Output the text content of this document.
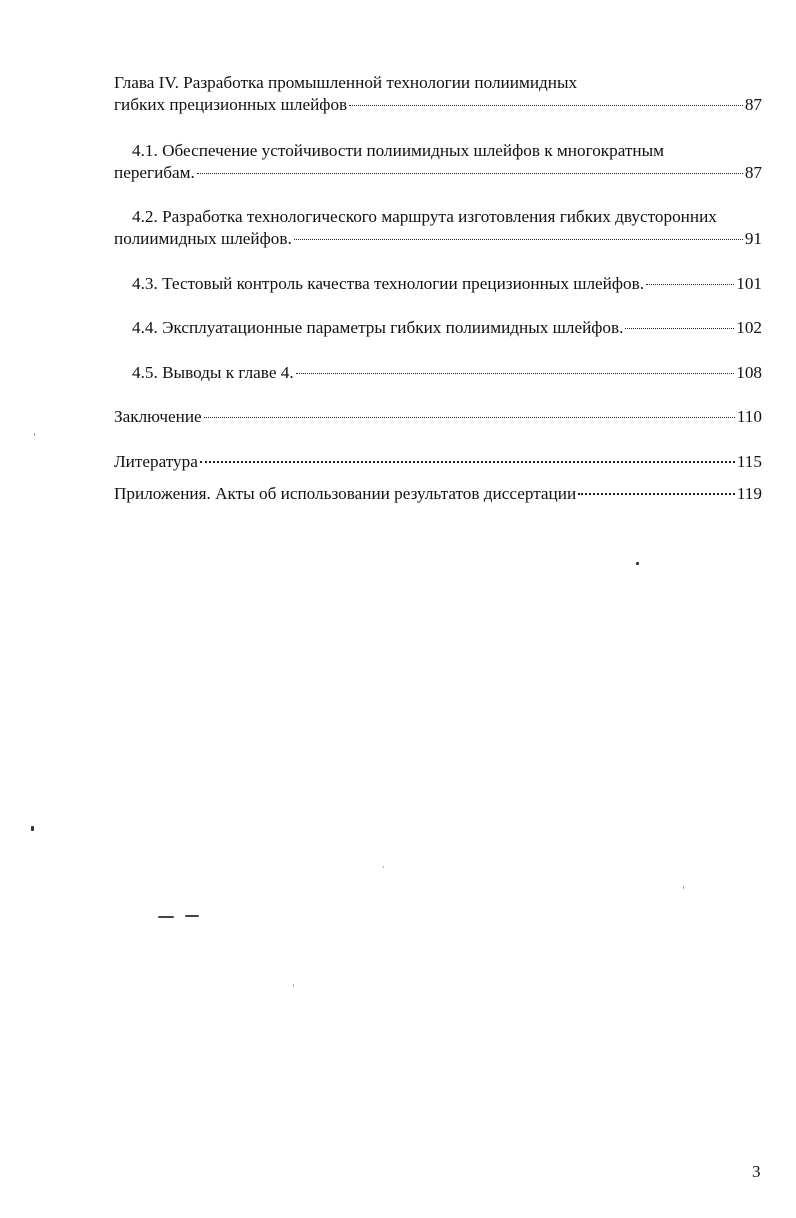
Глава IV. Разработка промышленной технологии полиимидных
гибких прецизионных шлейфов	87
4.1. Обеспечение устойчивости полиимидных шлейфов к многократным
перегибам.	87
4.2. Разработка технологического маршрута изготовления гибких двусторонних
полиимидных шлейфов.	91
4.3. Тестовый контроль качества технологии прецизионных шлейфов.	101
4.4. Эксплуатационные параметры гибких полиимидных шлейфов.	102
4.5. Выводы к главе 4.	108
Заключение	110
Литература	115
Приложения. Акты об использовании результатов диссертации	119
3
